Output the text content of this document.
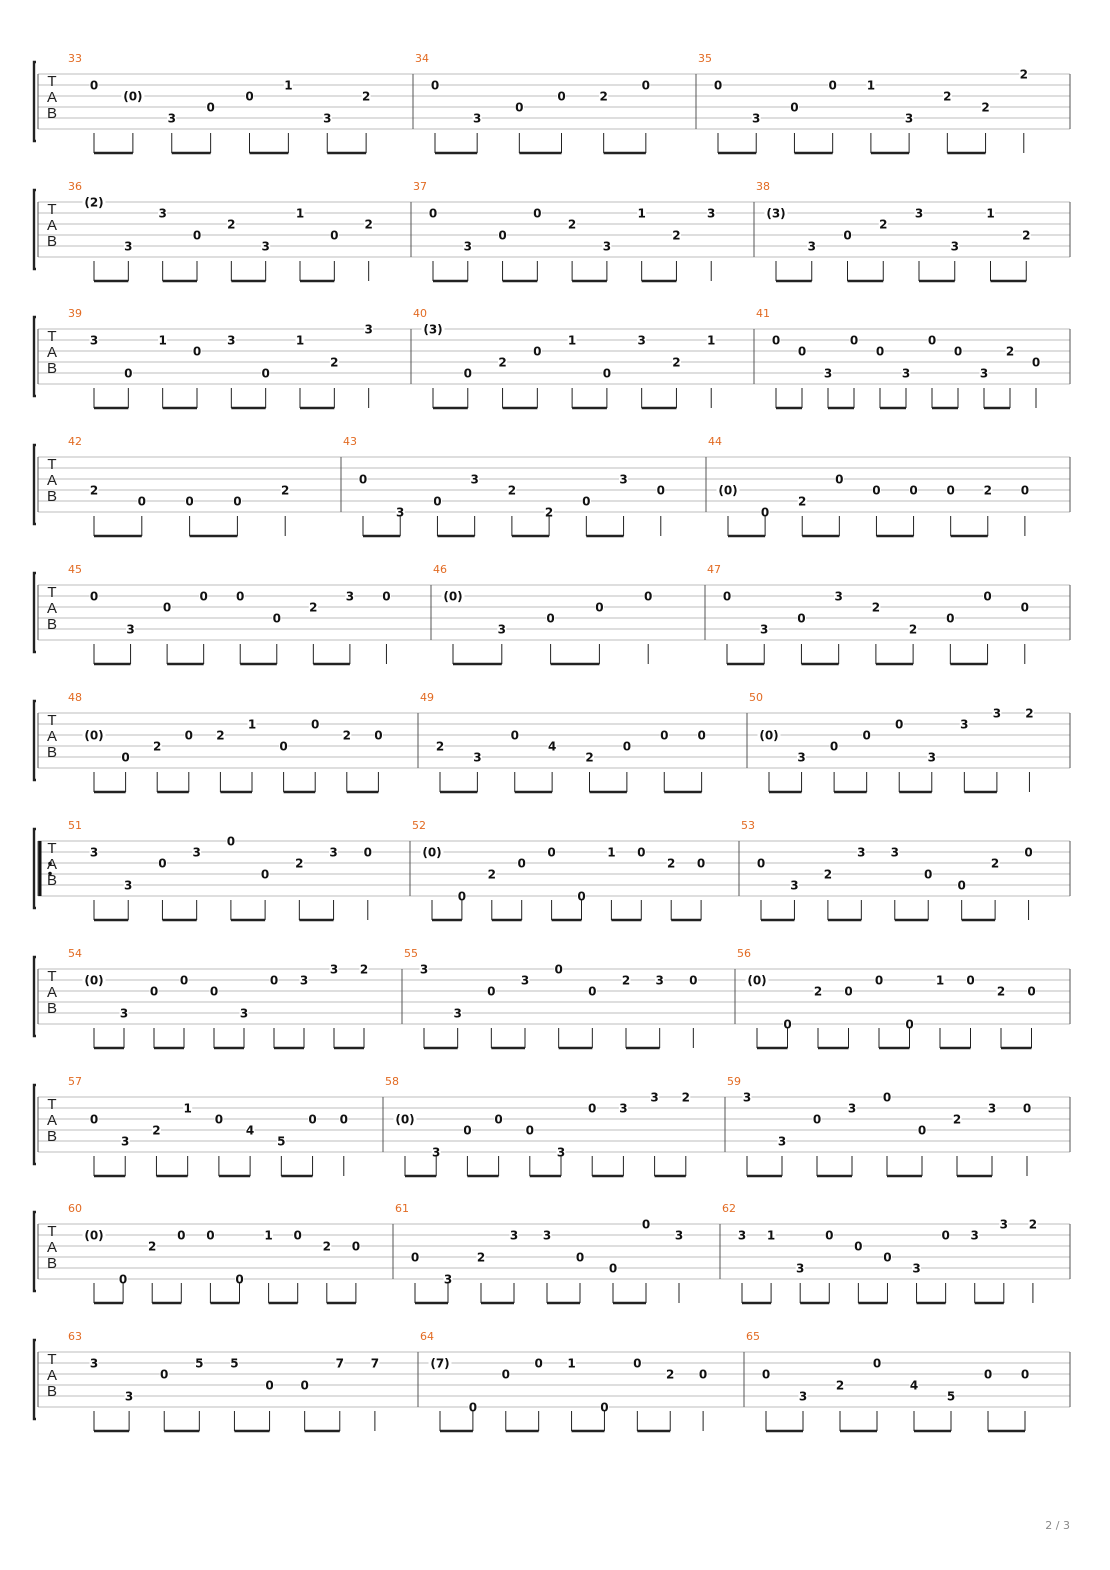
T
A
B
33
0
(0)
3
0
0
1
3
2
34
0
3
0
0	2
0
35
0
3
0
0 1
3
2
2
2
T
A
B
36
(2)
3
3
0
2
3
1
0
2
37
0
3
0
0
2
3
1
2
3
38
(3)
3
0
2
3
3
1
2
T
A
B
39
3
0
1
0
3
0
1
2
3
40
(3)
0
2
0
1
0
3
2
1
41
0
0
3
0
0
3
0
0
3
2
0
T
A
B
42
2
0	0	0
2
43
0
3
0
3
2
2
0
3
0
44
(0)
0
2
0
0 0 0 2 0
T
A
B
45
0
3
0
0 0
0
2
3 0
46
(0)
3
0
0
0
47
0
3
0
3
2
2
0
0
0
T
A
B
48
(0)
0
2
0 2
1
0
0
2 0
49
2
3
0
4
2
0
0 0
50
(0)
3
0
0
0
3
3
3 2
T
A
B
51
3
3
0
3
0
0
2
3 0
52
(0)
0
2
0
0
0
1 0
2 0
53
0
3
2
3 3
0
0
2
0
T
A
B
54
(0)
3
0
0
0
3
0 3
3 2
55
3
3
0
3
0
0
2 3 0
56
(0)
0
2 0
0
0
1 0
2 0
T
A
B
57
0
3
2
1
0
4
5
0 0
58
(0)
3
0
0
0
3
0 3
3 2
59
3
3
0
3
0
0
2
3 0
T
A
B
60
(0)
0
2
0 0
0
1 0
2 0
61
0
3
2
3 3
0
0
0
3
62
3 1
3
0
0
0
3
0 3
3 2
T
A
B
63
3
3
0
5 5
0 0
7 7
64
(7)
0
0
0 1
0
0
2 0
65
0
3
2
0
4
5
0 0
2 / 3
